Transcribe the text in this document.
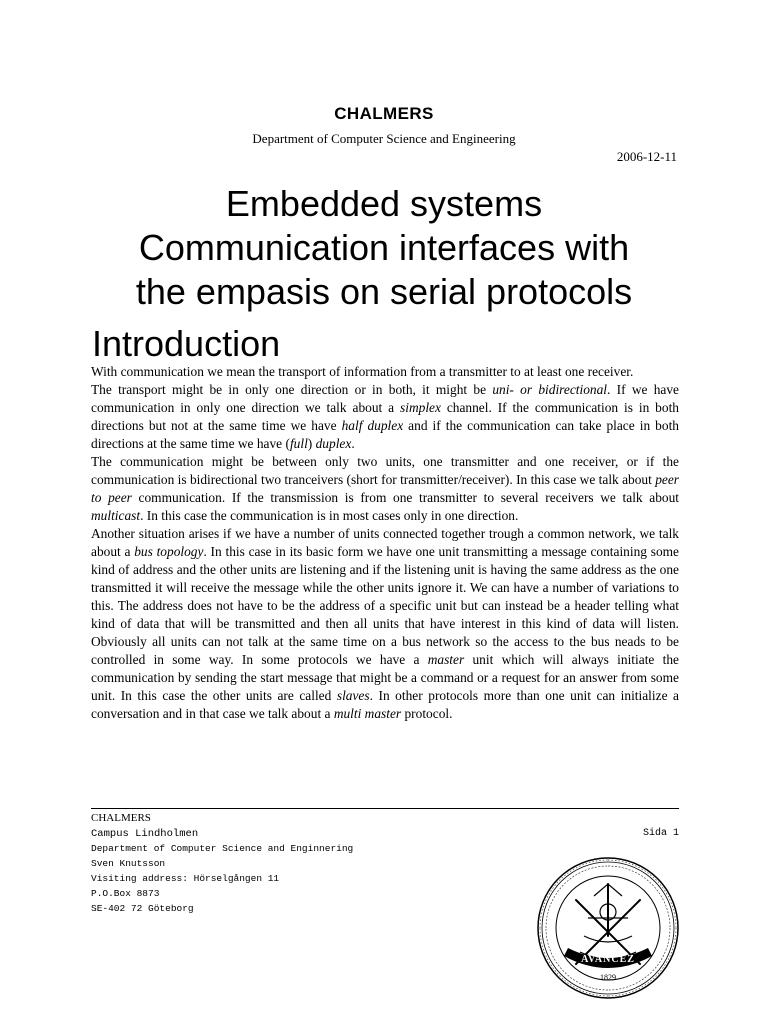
CHALMERS
Department of Computer Science and Engineering
2006-12-11
Embedded systems
Communication interfaces with
the empasis on serial protocols
Introduction

With communication we mean the transport of information from a transmitter to at least one receiver.

The transport might be in only one direction or in both, it might be uni- or bidirectional. If we have communication in only one direction we talk about a simplex channel. If the communication is in both directions but not at the same time we have half duplex and if the communication can take place in both directions at the same time we have (full) duplex.

The communication might be between only two units, one transmitter and one receiver, or if the communication is bidirectional two tranceivers (short for transmitter/receiver). In this case we talk about peer to peer communication. If the transmission is from one transmitter to several receivers we talk about multicast. In this case the communication is in most cases only in one direction.

Another situation arises if we have a number of units connected together trough a common network, we talk about a bus topology. In this case in its basic form we have one unit transmitting a message containing some kind of address and the other units are listening and if the listening unit is having the same address as the one transmitted it will receive the message while the other units ignore it. We can have a number of variations to this. The address does not have to be the address of a specific unit but can instead be a header telling what kind of data that will be transmitted and then all units that have interest in this kind of data will listen. Obviously all units can not talk at the same time on a bus network so the access to the bus neads to be controlled in some way. In some protocols we have a master unit which will always initiate the communication by sending the start message that might be a command or a request for an answer from some unit. In this case the other units are called slaves. In other protocols more than one unit can initialize a conversation and in that case we talk about a multi master protocol.

CHALMERS
Campus Lindholmen	Sida 1
Department of Computer Science and Enginnering
Sven Knutsson
Visiting address: Hörselgången 11
P.O.Box 8873
SE-402 72 Göteborg
AVANCEZ
1829
